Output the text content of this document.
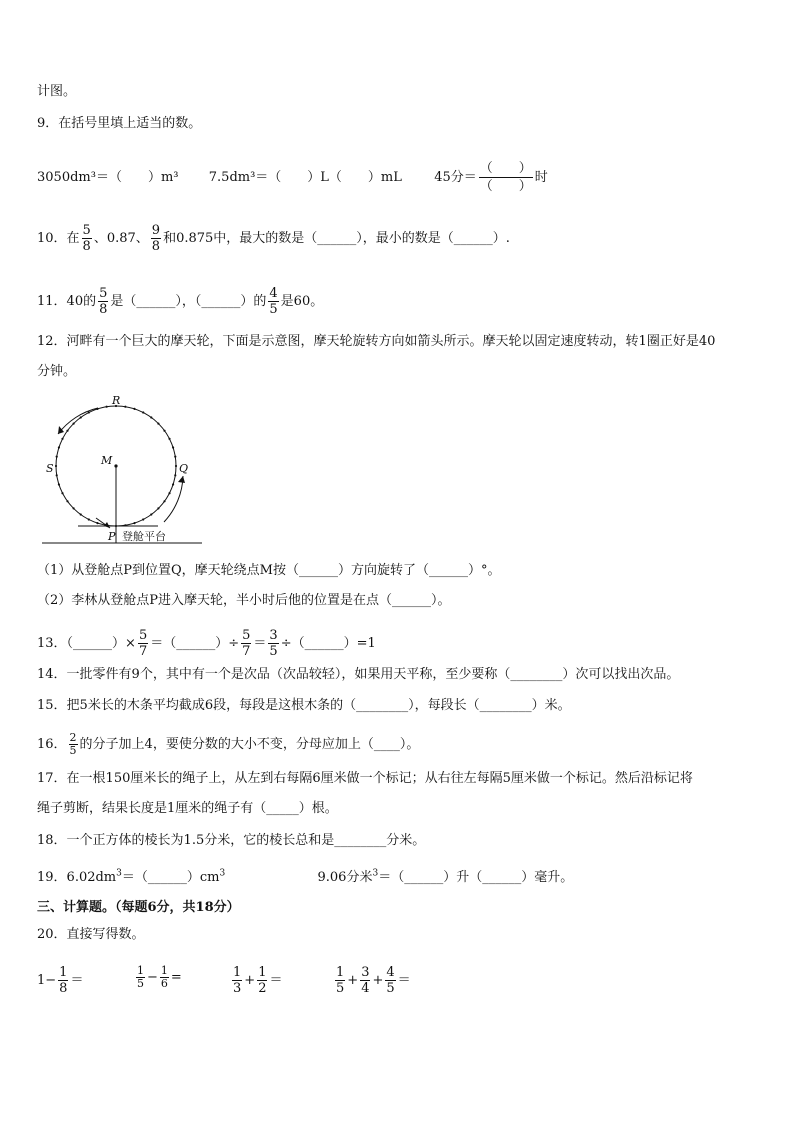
计图。
9．在括号里填上适当的数。
3050dm³＝（　　）m³ 7.5dm³＝（　　）L（　　）mL 45分＝ $\frac{( )}{( )}$ 时
10．在 $\frac{5}{8}$ 、0.87、 $\frac{9}{8}$ 和0.875中，最大的数是（______），最小的数是（______）.
11．40的 $\frac{5}{8}$ 是（______），（______）的 $\frac{4}{5}$ 是60。
12．河畔有一个巨大的摩天轮，下面是示意图，摩天轮旋转方向如箭头所示。摩天轮以固定速度转动，转1圈正好是40
分钟。
R
S
M
Q
P 登舱平台
（1）从登舱点P到位置Q，摩天轮绕点M按（______）方向旋转了（______）°。
（2）李林从登舱点P进入摩天轮，半小时后他的位置是在点（______）。
13．（______）× $\frac{5}{7}$ ＝（______）÷ $\frac{5}{7} = \frac{3}{5}$ ÷（______）=1
14．一批零件有9个，其中有一个是次品（次品较轻），如果用天平称，至少要称（________）次可以找出次品。
15．把5米长的木条平均截成6段，每段是这根木条的（________），每段长（________）米。
16． $\frac{2}{5}$ 的分子加上4，要使分数的大小不变，分母应加上（____）。
17．在一根150厘米长的绳子上，从左到右每隔6厘米做一个标记；从右往左每隔5厘米做一个标记。然后沿标记将
绳子剪断，结果长度是1厘米的绳子有（_____）根。
18．一个正方体的棱长为1.5分米，它的棱长总和是________分米。
19．$6.02dm^3=(\_\_\_\_\_\_)cm^3$	9.06分米$^3$＝（______）升（______）毫升。
三、计算题。（每题6分，共18分）
20．直接写得数。
$1- \frac{1}{8}$ ＝	$\frac{1}{5} - \frac{1}{6}$ =	$\frac{1}{3} + \frac{1}{2}$ ＝	$\frac{1}{5} + \frac{3}{4} + \frac{4}{5}$ ＝
